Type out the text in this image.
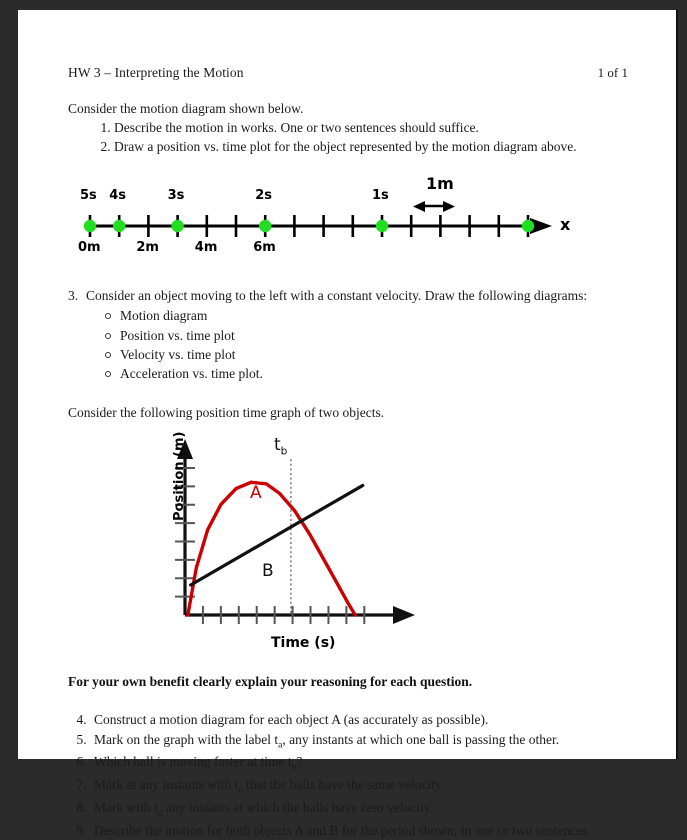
HW 3 – Interpreting the Motion	1 of 1
Consider the motion diagram shown below.
1. Describe the motion in works. One or two sentences should suffice.
2. Draw a position vs. time plot for the object represented by the motion diagram above.
5s 4s	3s	2s	1s
0m	2m	4m	6m
x
1m
3. Consider an object moving to the left with a constant velocity. Draw the following diagrams:
Motion diagram
Position vs. time plot
Velocity vs. time plot
Acceleration vs. time plot.
Consider the following position time graph of two objects.
Position (m)
Time (s)
A
B
$t_b$
For your own benefit clearly explain your reasoning for each question.
4. Construct a motion diagram for each object A (as accurately as possible).
5. Mark on the graph with the label $t_a$, any instants at which one ball is passing the other.
6. Which ball is moving faster at time $t_b$?
7. Mark at any instants with $t_c$ that the balls have the same velocity.
8. Mark with $t_d$ any instants at which the balls have zero velocity.
9. Describe the motion for both objects A and B for the period shown, in one or two sentences.
